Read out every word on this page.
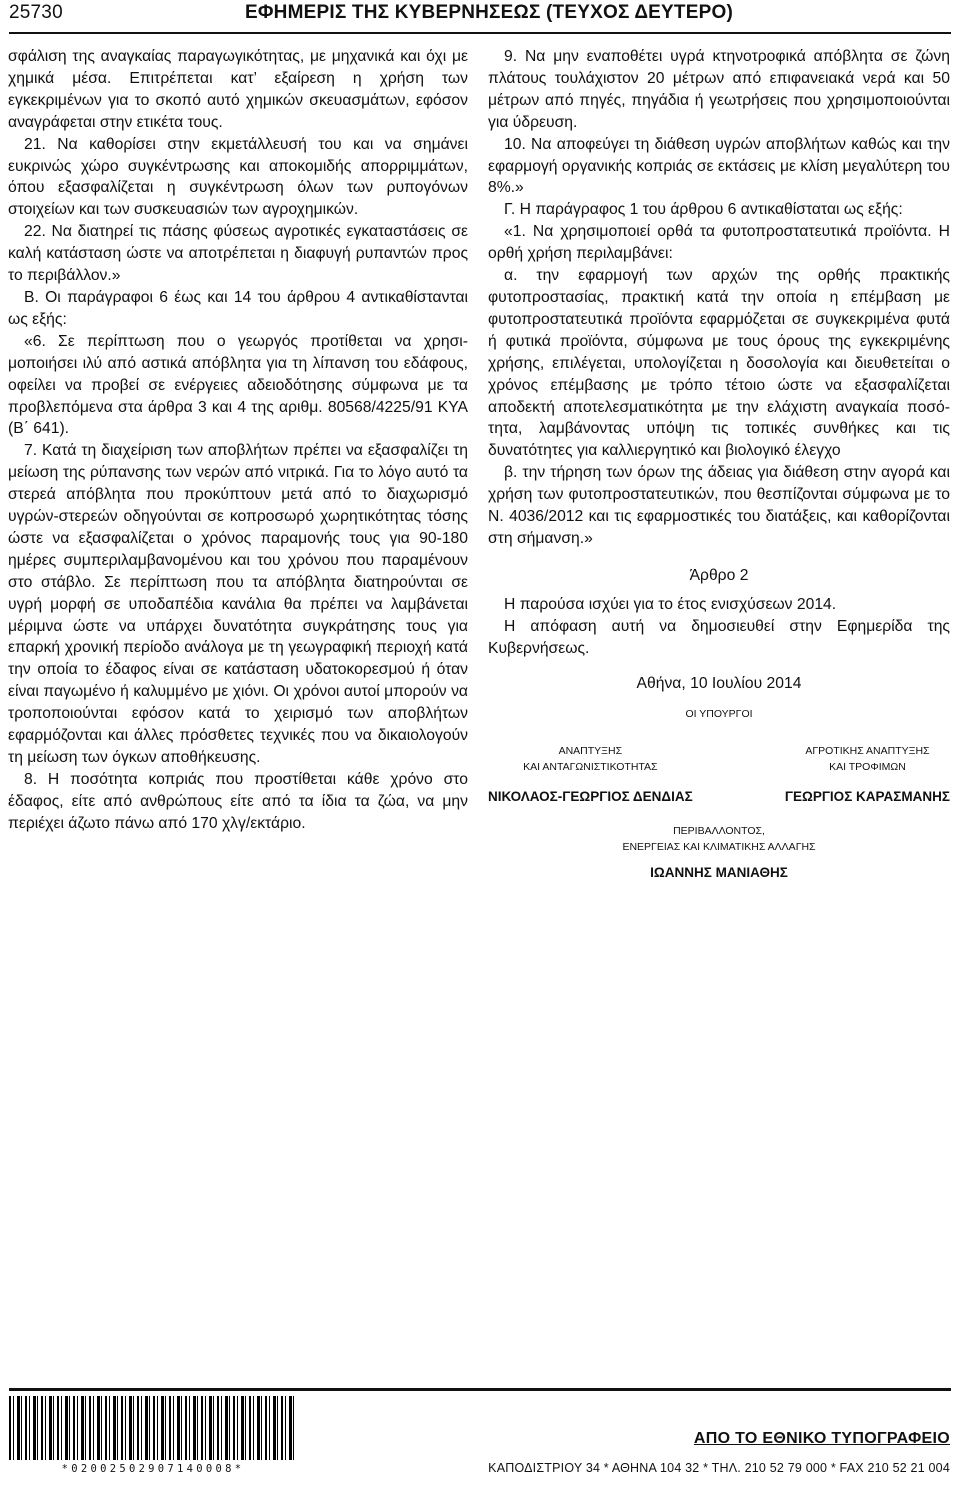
25730	ΕΦΗΜΕΡΙΣ ΤΗΣ ΚΥΒΕΡΝΗΣΕΩΣ (ΤΕΥΧΟΣ ΔΕΥΤΕΡΟ)

σφάλιση της αναγκαίας παραγωγικότητας, με μηχανικά και όχι με χημικά μέσα. Επιτρέπεται κατ’ εξαίρεση η χρήση των εγκεκριμένων για το σκοπό αυτό χημικών σκευασμάτων, εφόσον αναγράφεται στην ετικέτα τους.

21. Να καθορίσει στην εκμετάλλευσή του και να σημάνει ευκρινώς χώρο συγκέντρωσης και αποκομιδής απορριμμάτων, όπου εξασφαλίζεται η συγκέντρωση όλων των ρυπογόνων στοιχείων και των συσκευασιών των αγροχημικών.

22. Να διατηρεί τις πάσης φύσεως αγροτικές εγκαταστάσεις σε καλή κατάσταση ώστε να αποτρέπεται η διαφυγή ρυπαντών προς το περιβάλλον.»

Β. Οι παράγραφοι 6 έως και 14 του άρθρου 4 αντικαθίστανται ως εξής:

«6. Σε περίπτωση που ο γεωργός προτίθεται να χρησιμοποιήσει ιλύ από αστικά απόβλητα για τη λίπανση του εδάφους, οφείλει να προβεί σε ενέργειες αδειοδότησης σύμφωνα με τα προβλεπόμενα στα άρθρα 3 και 4 της αριθμ. 80568/4225/91 ΚΥΑ (Β΄ 641).

7. Κατά τη διαχείριση των αποβλήτων πρέπει να εξασφαλίζει τη μείωση της ρύπανσης των νερών από νιτρικά. Για το λόγο αυτό τα στερεά απόβλητα που προκύπτουν μετά από το διαχωρισμό υγρών-στερεών οδηγούνται σε κοπροσωρό χωρητικότητας τόσης ώστε να εξασφαλίζεται ο χρόνος παραμονής τους για 90-180 ημέρες συμπεριλαμβανομένου και του χρόνου που παραμένουν στο στάβλο. Σε περίπτωση που τα απόβλητα διατηρούνται σε υγρή μορφή σε υποδαπέδια κανάλια θα πρέπει να λαμβάνεται μέριμνα ώστε να υπάρχει δυνατότητα συγκράτησης τους για επαρκή χρονική περίοδο ανάλογα με τη γεωγραφική περιοχή κατά την οποία το έδαφος είναι σε κατάσταση υδατοκορεσμού ή όταν είναι παγωμένο ή καλυμμένο με χιόνι. Οι χρόνοι αυτοί μπορούν να τροποποιούνται εφόσον κατά το χειρισμό των αποβλήτων εφαρμόζονται και άλλες πρόσθετες τεχνικές που να δικαιολογούν τη μείωση των όγκων αποθήκευσης.

8. Η ποσότητα κοπριάς που προστίθεται κάθε χρόνο στο έδαφος, είτε από ανθρώπους είτε από τα ίδια τα ζώα, να μην περιέχει άζωτο πάνω από 170 χλγ/εκτάριο.

9. Να μην εναποθέτει υγρά κτηνοτροφικά απόβλητα σε ζώνη πλάτους τουλάχιστον 20 μέτρων από επιφανειακά νερά και 50 μέτρων από πηγές, πηγάδια ή γεωτρήσεις που χρησιμοποιούνται για ύδρευση.

10. Να αποφεύγει τη διάθεση υγρών αποβλήτων καθώς και την εφαρμογή οργανικής κοπριάς σε εκτάσεις με κλίση μεγαλύτερη του 8%.»

Γ. Η παράγραφος 1 του άρθρου 6 αντικαθίσταται ως εξής:

«1. Να χρησιμοποιεί ορθά τα φυτοπροστατευτικά προϊόντα. Η ορθή χρήση περιλαμβάνει:

α. την εφαρμογή των αρχών της ορθής πρακτικής φυτοπροστασίας, πρακτική κατά την οποία η επέμβαση με φυτοπροστατευτικά προϊόντα εφαρμόζεται σε συγκεκριμένα φυτά ή φυτικά προϊόντα, σύμφωνα με τους όρους της εγκεκριμένης χρήσης, επιλέγεται, υπολογίζεται η δοσολογία και διευθετείται ο χρόνος επέμβασης με τρόπο τέτοιο ώστε να εξασφαλίζεται αποδεκτή αποτελεσματικότητα με την ελάχιστη αναγκαία ποσότητα, λαμβάνοντας υπόψη τις τοπικές συνθήκες και τις δυνατότητες για καλλιεργητικό και βιολογικό έλεγχο

β. την τήρηση των όρων της άδειας για διάθεση στην αγορά και χρήση των φυτοπροστατευτικών, που θεσπίζονται σύμφωνα με το Ν. 4036/2012 και τις εφαρμοστικές του διατάξεις, και καθορίζονται στη σήμανση.»

Άρθρο 2

Η παρούσα ισχύει για το έτος ενισχύσεων 2014.

Η απόφαση αυτή να δημοσιευθεί στην Εφημερίδα της Κυβερνήσεως.

Αθήνα, 10 Ιουλίου 2014

ΟΙ ΥΠΟΥΡΓΟΙ

ΑΝΑΠΤΥΞΗΣ
ΚΑΙ ΑΝΤΑΓΩΝΙΣΤΙΚΟΤΗΤΑΣ
ΝΙΚΟΛΑΟΣ-ΓΕΩΡΓΙΟΣ ΔΕΝΔΙΑΣ
ΑΓΡΟΤΙΚΗΣ ΑΝΑΠΤΥΞΗΣ
ΚΑΙ ΤΡΟΦΙΜΩΝ
ΓΕΩΡΓΙΟΣ ΚΑΡΑΣΜΑΝΗΣ
ΠΕΡΙΒΑΛΛΟΝΤΟΣ,
ΕΝΕΡΓΕΙΑΣ ΚΑΙ ΚΛΙΜΑΤΙΚΗΣ ΑΛΛΑΓΗΣ
ΙΩΑΝΝΗΣ ΜΑΝΙΑΘΗΣ
*02002502907140008*
ΑΠΟ ΤΟ ΕΘΝΙΚΟ ΤΥΠΟΓΡΑΦΕΙΟ
ΚΑΠΟΔΙΣΤΡΙΟΥ 34 * ΑΘΗΝΑ 104 32 * ΤΗΛ. 210 52 79 000 * FAX 210 52 21 004
